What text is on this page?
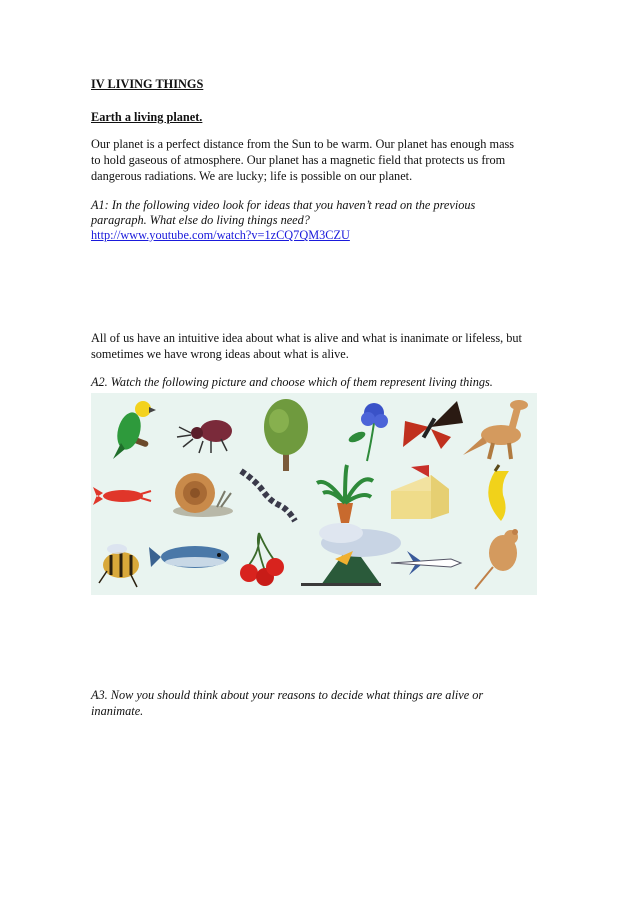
IV LIVING THINGS

Earth a living planet.

Our planet is a perfect distance from the Sun to be warm. Our planet has enough mass

to hold gaseous of atmosphere. Our planet has a magnetic field that protects us from

dangerous radiations. We are lucky; life is possible on our planet.

A1: In the following video look for ideas that you haven’t read on the previous

paragraph. What else do living things need?

http://www.youtube.com/watch?v=1zCQ7QM3CZU

All of us have an intuitive idea about what is alive and what is inanimate or lifeless, but

sometimes we have wrong ideas about what is alive.

A2. Watch the following picture and choose which of them represent living things.

A3. Now you should think about your reasons to decide what things are alive or

inanimate.
